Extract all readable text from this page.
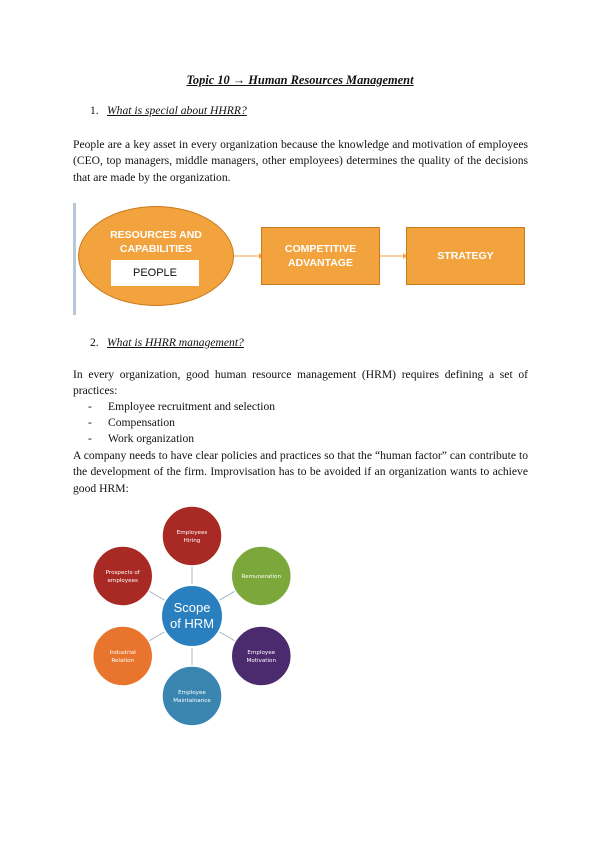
Topic 10 → Human Resources Management
1. What is special about HHRR?
People are a key asset in every organization because the knowledge and motivation of employees (CEO, top managers, middle managers, other employees) determines the quality of the decisions that are made by the organization.
RESOURCES AND
CAPABILITIES
PEOPLE
COMPETITIVE
ADVANTAGE
STRATEGY
2. What is HHRR management?
In every organization, good human resource management (HRM) requires defining a set of practices:
- Employee recruitment and selection
- Compensation
- Work organization
A company needs to have clear policies and practices so that the “human factor” can contribute to the development of the firm. Improvisation has to be avoided if an organization wants to achieve good HRM:
Employees
Hiring
Remuneration
Employee
Motivation
Employee
Maintainance
Industrial
Relation
Prospects of
employees
Scope
of HRM
